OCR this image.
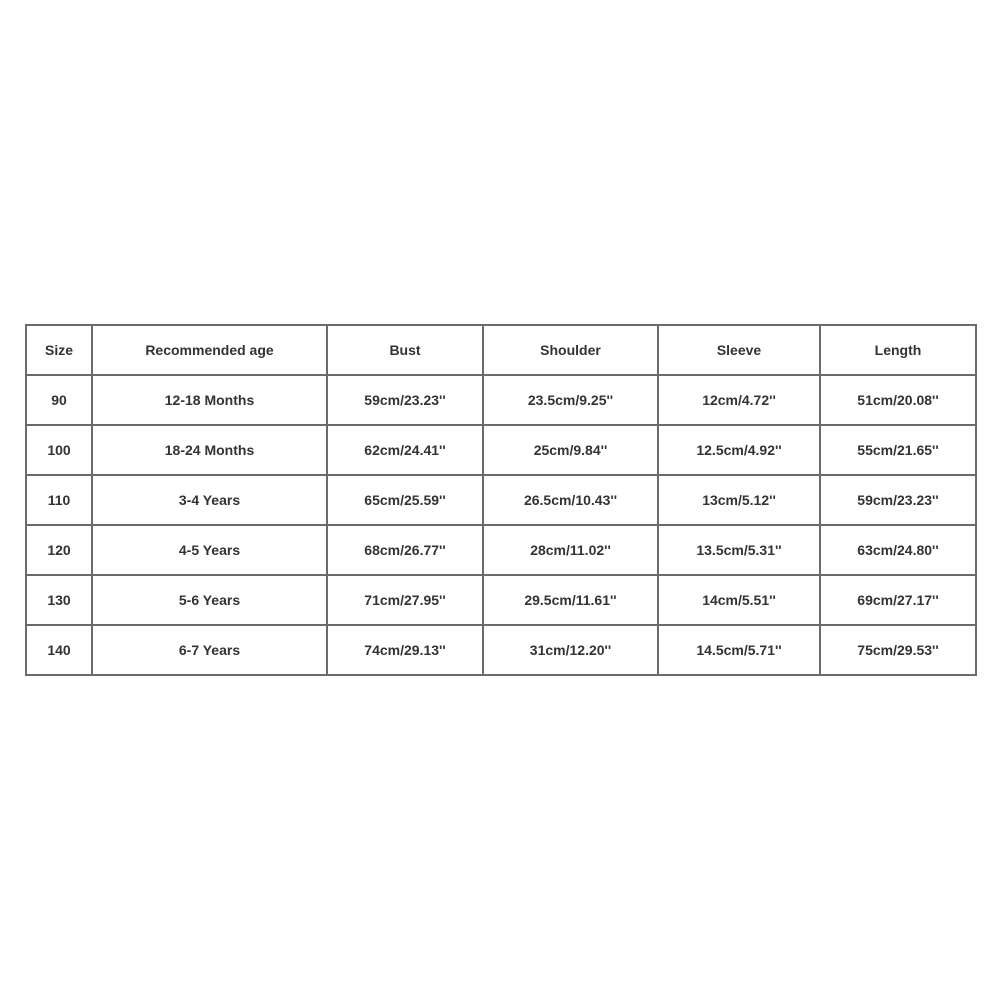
Size	Recommended age	Bust	Shoulder	Sleeve	Length
90	12-18 Months	59cm/23.23''	23.5cm/9.25''	12cm/4.72''	51cm/20.08''
100	18-24 Months	62cm/24.41''	25cm/9.84''	12.5cm/4.92''	55cm/21.65''
110	3-4 Years	65cm/25.59''	26.5cm/10.43''	13cm/5.12''	59cm/23.23''
120	4-5 Years	68cm/26.77''	28cm/11.02''	13.5cm/5.31''	63cm/24.80''
130	5-6 Years	71cm/27.95''	29.5cm/11.61''	14cm/5.51''	69cm/27.17''
140	6-7 Years	74cm/29.13''	31cm/12.20''	14.5cm/5.71''	75cm/29.53''
